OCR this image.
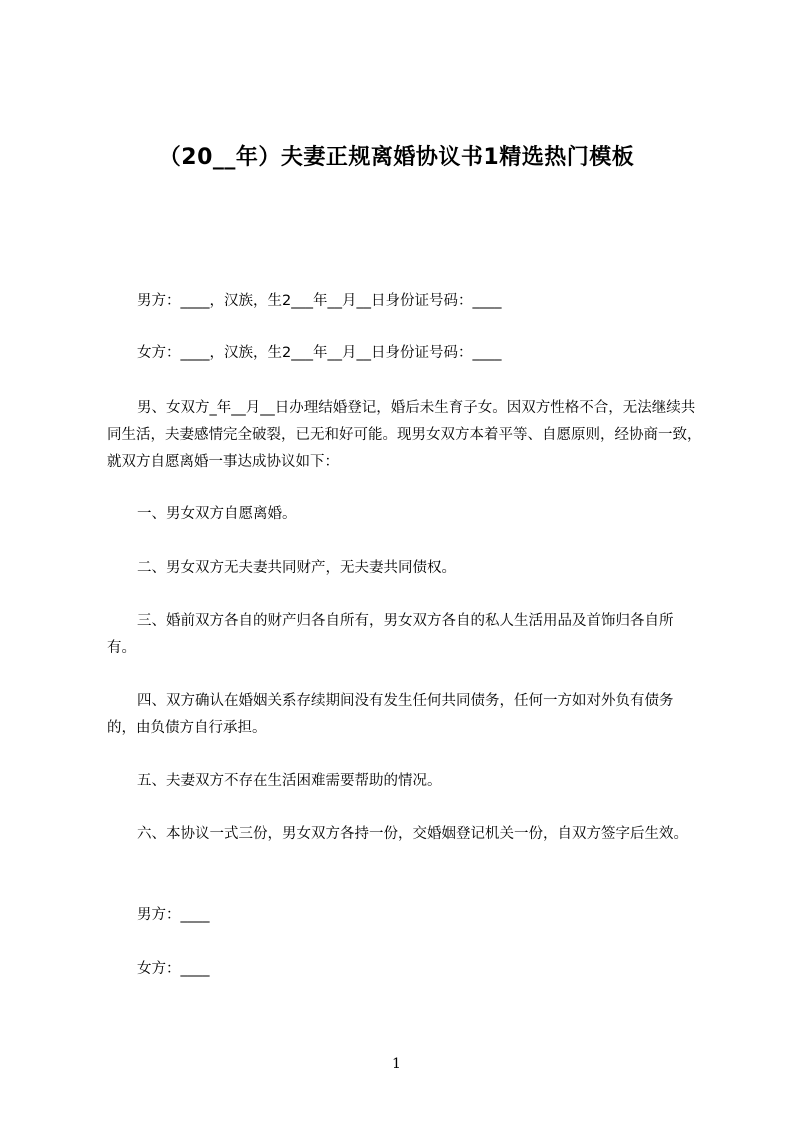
（20__年）夫妻正规离婚协议书1精选热门模板
男方：____，汉族，生2___年__月__日身份证号码：____
女方：____，汉族，生2___年__月__日身份证号码：____
男、女双方_年__月__日办理结婚登记，婚后未生育子女。因双方性格不合，无法继续共同生活，夫妻感情完全破裂，已无和好可能。现男女双方本着平等、自愿原则，经协商一致，就双方自愿离婚一事达成协议如下：
一、男女双方自愿离婚。
二、男女双方无夫妻共同财产，无夫妻共同债权。
三、婚前双方各自的财产归各自所有，男女双方各自的私人生活用品及首饰归各自所有。
四、双方确认在婚姻关系存续期间没有发生任何共同债务，任何一方如对外负有债务的，由负债方自行承担。
五、夫妻双方不存在生活困难需要帮助的情况。
六、本协议一式三份，男女双方各持一份，交婚姻登记机关一份，自双方签字后生效。
男方：____
女方：____
1
